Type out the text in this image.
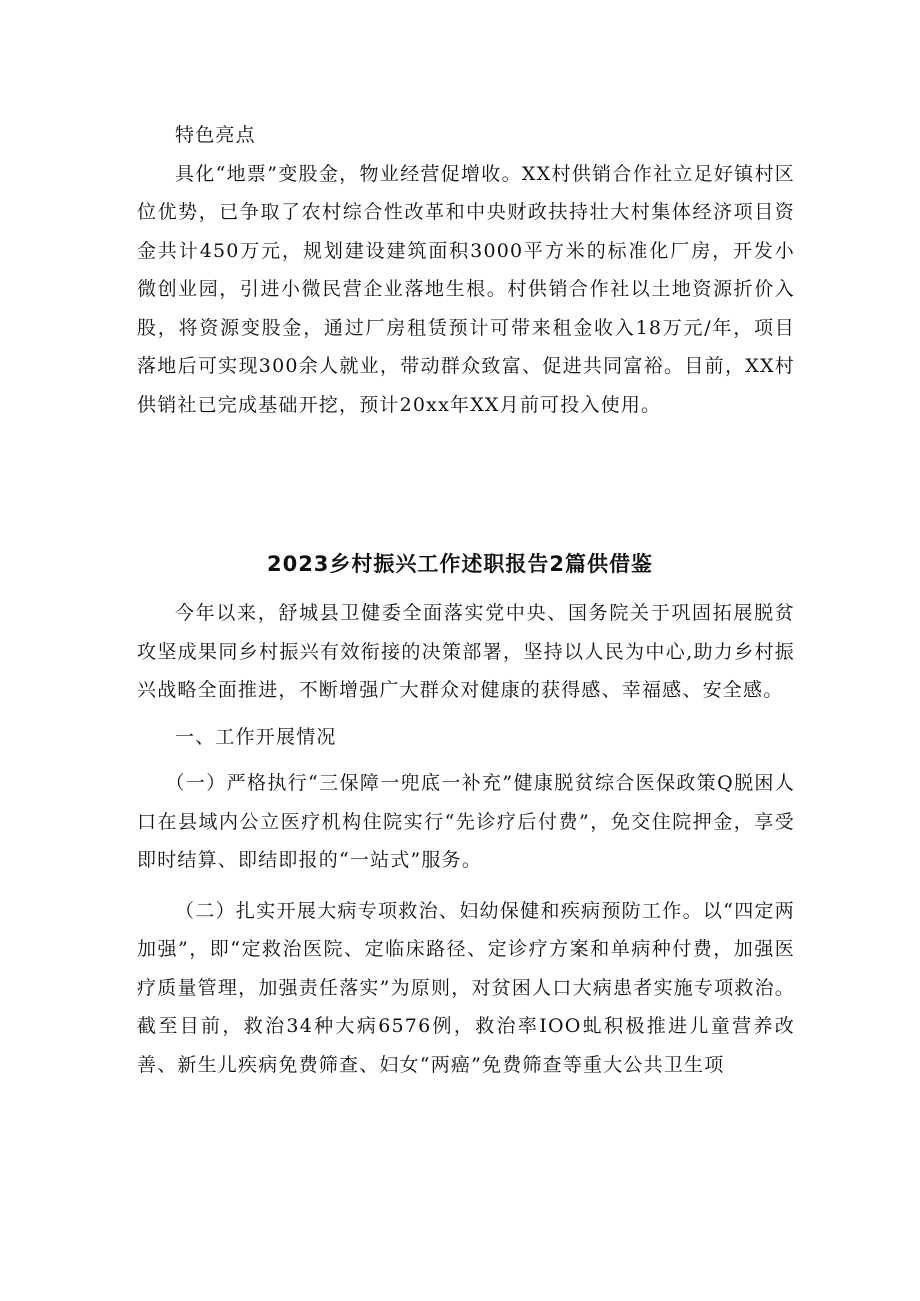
特色亮点

具化“地票”变股金，物业经营促增收。XX村供销合作社立足好镇村区位优势，已争取了农村综合性改革和中央财政扶持壮大村集体经济项目资金共计450万元，规划建设建筑面积3000平方米的标准化厂房，开发小微创业园，引进小微民营企业落地生根。村供销合作社以土地资源折价入股，将资源变股金，通过厂房租赁预计可带来租金收入18万元/年，项目落地后可实现300余人就业，带动群众致富、促进共同富裕。目前，XX村供销社已完成基础开挖，预计20xx年XX月前可投入使用。

2023乡村振兴工作述职报告2篇供借鉴

今年以来，舒城县卫健委全面落实党中央、国务院关于巩固拓展脱贫攻坚成果同乡村振兴有效衔接的决策部署，坚持以人民为中心,助力乡村振兴战略全面推进，不断增强广大群众对健康的获得感、幸福感、安全感。

一、工作开展情况

（一）严格执行“三保障一兜底一补充”健康脱贫综合医保政策Q脱困人口在县域内公立医疗机构住院实行“先诊疗后付费”，免交住院押金，享受即时结算、即结即报的“一站式”服务。

（二）扎实开展大病专项救治、妇幼保健和疾病预防工作。以“四定两加强”，即“定救治医院、定临床路径、定诊疗方案和单病种付费，加强医疗质量管理，加强责任落实”为原则，对贫困人口大病患者实施专项救治。截至目前，救治34种大病6576例，救治率IOO虬积极推进儿童营养改善、新生儿疾病免费筛查、妇女“两癌”免费筛查等重大公共卫生项
